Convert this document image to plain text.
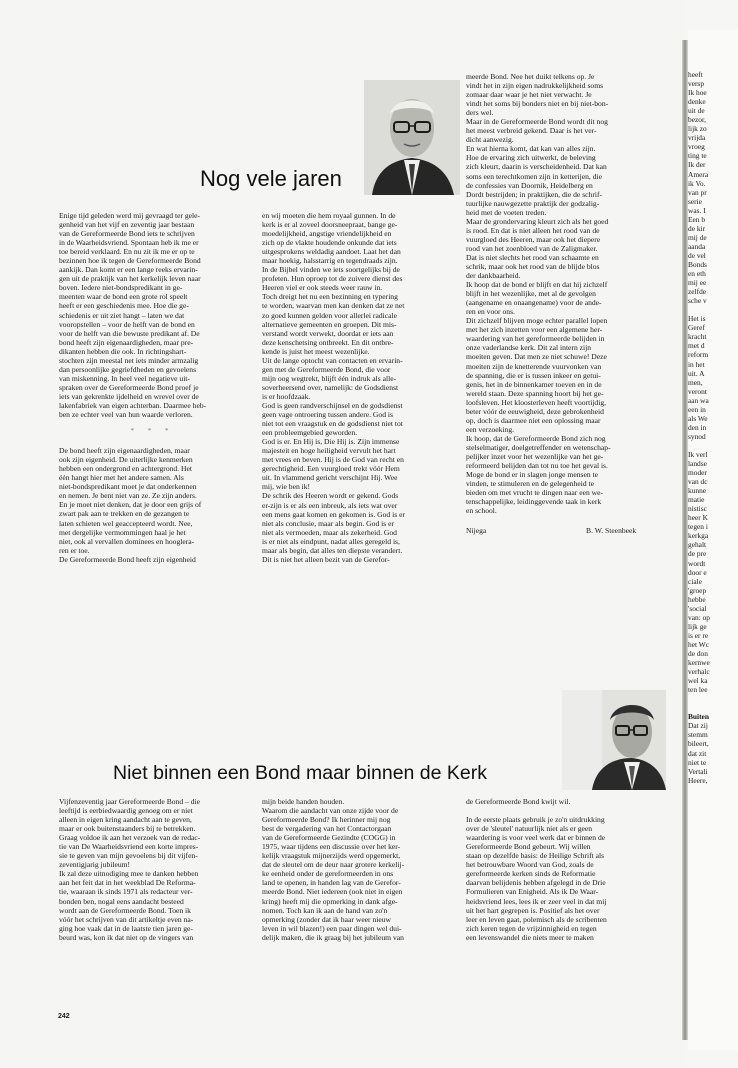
Nog vele jaren

Enige tijd geleden werd mij gevraagd ter gele-

genheid van het vijf en zeventig jaar bestaan

van de Gereformeerde Bond iets te schrijven

in de Waarheidsvriend. Spontaan heb ik me er

toe bereid verklaard. En nu zit ik me er op te

bezinnen hoe ik tegen de Gereformeerde Bond

aankijk. Dan komt er een lange reeks ervarin-

gen uit de praktijk van het kerkelijk leven naar

boven. Iedere niet-bondspredikant in ge-

meenten waar de bond een grote rol speelt

heeft er een geschiedenis mee. Hoe die ge-

schiedenis er uit ziet hangt – laten we dat

vooropstellen – voor de helft van de bond en

voor de helft van die bewuste predikant af. De

bond heeft zijn eigenaardigheden, maar pre-

dikanten hebben die ook. In richtingshart-

stochten zijn meestal net iets minder armzalig

dan persoonlijke gegriefdheden en gevoelens

van miskenning. In heel veel negatieve uit-

spraken over de Gereformeerde Bond proef je

iets van gekrenkte ijdelheid en wrevel over de

lakenfabriek van eigen achterban. Daarmee heb-

ben ze echter veel van hun waarde verloren.

* * *

De bond heeft zijn eigenaardigheden, maar

ook zijn eigenheid. De uiterlijke kenmerken

hebben een ondergrond en achtergrond. Het

één hangt hier met het andere samen. Als

niet-bondspredikant moet je dat onderkennen

en nemen. Je bent niet van ze. Ze zijn anders.

En je moet niet denken, dat je door een grijs of

zwart pak aan te trekken en de gezangen te

laten schieten wel geaccepteerd wordt. Nee,

met dergelijke vermommingen haal je het

niet, ook al vervallen dominees en hooglera-

ren er toe.

De Gereformeerde Bond heeft zijn eigenheid

en wij moeten die hem royaal gunnen. In de

kerk is er al zoveel doorsneepraat, bange ge-

moedelijkheid, angstige vriendelijkheid en

zich op de vlakte houdende onkunde dat iets

uitgesprokens weldadig aandoet. Laat het dan

maar hoekig, halsstarrig en tegendraads zijn.

In de Bijbel vinden we iets soortgelijks bij de

profeten. Hun oproep tot de zuivere dienst des

Heeren viel er ook steeds weer rauw in.

Toch dreigt het nu een bezinning en typering

te worden, waarvan men kan denken dat ze net

zo goed kunnen gelden voor allerlei radicale

alternatieve gemeenten en groepen. Dit mis-

verstand wordt verwekt, doordat er iets aan

deze kenschetsing ontbreekt. En dit ontbre-

kende is juist het meest wezenlijke.

Uit de lange optocht van contacten en ervarin-

gen met de Gereformeerde Bond, die voor

mijn oog wegtrekt, blijft één indruk als alle-

soverheersend over, namelijk: de Godsdienst

is er hoofdzaak.

God is geen randverschijnsel en de godsdienst

geen vage ontroering tussen andere. God is

niet tot een vraagstuk en de godsdienst niet tot

een probleemgebied geworden.

God is er. En Hij is, Die Hij is. Zijn immense

majesteit en hoge heiligheid vervult het hart

met vrees en beven. Hij is de God van recht en

gerechtigheid. Een vuurgloed trekt vóór Hem

uit. In vlammend gericht verschijnt Hij. Wee

mij, wie ben ik!

De schrik des Heeren wordt er gekend. Gods

er-zijn is er als een inbreuk, als iets wat over

een mens gaat komen en gekomen is. God is er

niet als conclusie, maar als begin. God is er

niet als vermoeden, maar als zekerheid. God

is er niet als eindpunt, nadat alles geregeld is,

maar als begin, dat alles ten diepste verandert.

Dit is niet het alleen bezit van de Gerefor-

meerde Bond. Nee het duikt telkens op. Je

vindt het in zijn eigen nadrukkelijkheid soms

zomaar daar waar je het niet verwacht. Je

vindt het soms bij bonders niet en bij niet-bon-

ders wel.

Maar in de Gereformeerde Bond wordt dit nog

het meest verbreid gekend. Daar is het ver-

dicht aanwezig.

En wat hierna komt, dat kan van alles zijn.

Hoe de ervaring zich uitwerkt, de beleving

zich kleurt, daarin is verscheidenheid. Dat kan

soms een terechtkomen zijn in ketterijen, die

de confessies van Doornik, Heidelberg en

Dordt bestrijden; in praktijken, die de schrif-

tuurlijke nauwgezette praktijk der godzalig-

heid met de voeten treden.

Maar de grondervaring kleurt zich als het goed

is rood. En dat is niet alleen het rood van de

vuurgloed des Heeren, maar ook het diepere

rood van het zoenbloed van de Zaligmaker.

Dat is niet slechts het rood van schaamte en

schrik, maar ook het rood van de blijde blos

der dankbaarheid.

Ik hoop dat de bond er blijft en dat hij zichzelf

blijft in het wezenlijke, met al de gevolgen

(aangename en onaangename) voor de ande-

ren en voor ons.

Dit zichzelf blijven moge echter parallel lopen

met het zich inzetten voor een algemene her-

waardering van het gereformeerde belijden in

onze vaderlandse kerk. Dit zal intern zijn

moeiten geven. Dat men ze niet schuwe! Deze

moeiten zijn de knetterende vuurvonken van

de spanning, die er is tussen inkeer en getui-

genis, het in de binnenkamer toeven en in de

wereld staan. Deze spanning hoort bij het ge-

loofsleven. Het kloosterleven heeft voortijdig,

beter vóór de eeuwigheid, deze gebrokenheid

op, doch is daarmee niet een oplossing maar

een verzoeking.

Ik hoop, dat de Gereformeerde Bond zich nog

stelselmatiger, doelgetreffender en wetenschap-

pelijker inzet voor het wezenlijke van het ge-

reformeerd belijden dan tot nu toe het geval is.

Moge de bond er in slagen jonge mensen te

vinden, te stimuleren en de gelegenheid te

bieden om met vrucht te dingen naar een we-

tenschappelijke, leidinggevende taak in kerk

en school.

Nijega	B. W. Steenbeek
Niet binnen een Bond maar binnen de Kerk

Vijfenzeventig jaar Gereformeerde Bond – die

leeftijd is eerbiedwaardig genoeg om er niet

alleen in eigen kring aandacht aan te geven,

maar er ook buitenstaanders bij te betrekken.

Graag voldoe ik aan het verzoek van de redac-

tie van De Waarheidsvriend een korte impres-

sie te geven van mijn gevoelens bij dit vijfen-

zeventigjarig jubileum!

Ik zal deze uitnodiging mee te danken hebben

aan het feit dat in het weekblad De Reforma-

tie, waaraan ik sinds 1971 als redacteur ver-

bonden ben, nogal eens aandacht besteed

wordt aan de Gereformeerde Bond. Toen ik

vóór het schrijven van dit artikeltje even na-

ging hoe vaak dat in de laatste tien jaren ge-

beurd was, kon ik dat niet op de vingers van

mijn beide handen houden.

Waarom die aandacht van onze zijde voor de

Gereformeerde Bond? Ik herinner mij nog

best de vergadering van het Contactorgaan

van de Gereformeerde Gezindte (COGG) in

1975, waar tijdens een discussie over het ker-

kelijk vraagstuk mijnerzijds werd opgemerkt,

dat de sleutel om de deur naar grotere kerkelij-

ke eenheid onder de gereformeerden in ons

land te openen, in handen lag van de Gerefor-

meerde Bond. Niet iedereen (ook niet in eigen

kring) heeft mij die opmerking in dank afge-

nomen. Toch kan ik aan de hand van zo'n

opmerking (zonder dat ik haar weer nieuw

leven in wil blazen!) een paar dingen wel dui-

delijk maken, die ik graag bij het jubileum van

de Gereformeerde Bond kwijt wil.

In de eerste plaats gebruik je zo'n uitdrukking

over de 'sleutel' natuurlijk niet als er geen

waardering is voor veel werk dat er binnen de

Gereformeerde Bond gebeurt. Wij willen

staan op dezelfde basis: de Heilige Schrift als

het betrouwbare Woord van God, zoals de

gereformeerde kerken sinds de Reformatie

daarvan belijdenis hebben afgelegd in de Drie

Formulieren van Enigheid. Als ik De Waar-

heidsvriend lees, lees ik er zeer veel in dat mij

uit het hart gegrepen is. Positief als het over

leer en leven gaat, polemisch als de scribenten

zich keren tegen de vrijzinnigheid en tegen

een levenswandel die niets meer te maken

242

heeft

versp

Ik hoe

denke

uit de

bezor,

lijk zo

vrijda

vroeg

ting te

Ik der

Amera

ik Vo.

van pr

serie

was. I

Een b

de kir

mij de

aanda

de vel

Bonds

en eth

mij ee

zelfde

sche v

Het is

Geref

kracht

met d

reform

in het

uit. A

men,

veront

aan wa

een in

als We

den in

synod

Ik verl

landse

moder

van dc

kunne

matie

nistisc

heer K

tegen i

kerkga

gehalt

de pre

wordt

door e

ciale

'groep

hebbe

'social

van: op

lijk ge

is er re

het Wc

de don

kernwe

verhalc

wel ka

ten lee

Buiten

Dat zij

stemm

bileert,

dat zit

niet te

Vertali

Heere,
